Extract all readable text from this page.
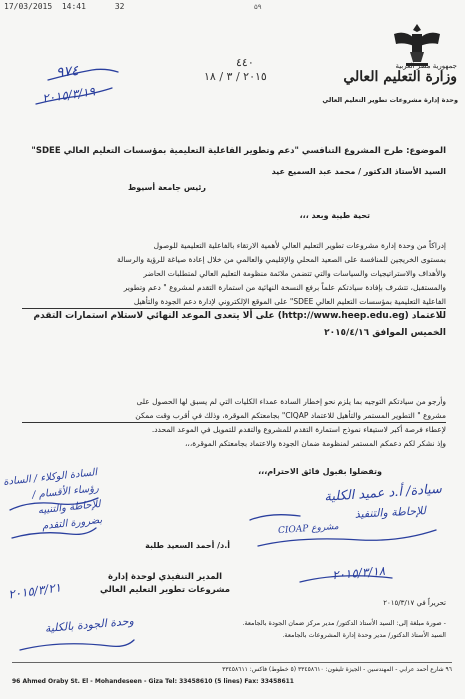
17/03/2015 14:41	32	۵۹
جمهورية مصر العربية
وزارة التعليم العالي
وحدة إدارة مشروعات تطوير التعليم العالي
٤٤٠
٢٠١٥ / ٣ / ١٨
٩٧٤
٢٠١٥/٣/١٩
الموضوع: طرح المشروع التنافسي "دعم وتطوير الفاعلية التعليمية بمؤسسات التعليم العالي SDEE"
السيد الأستاذ الدكتور / محمد عبد السميع عيد
رئيس جامعة أسيوط
تحية طيبة وبعد ،،،
إدراكاً من وحدة إدارة مشروعات تطوير التعليم العالي لأهمية الارتقاء بالفاعلية التعليمية للوصول
بمستوى الخريجين للمنافسة على الصعيد المحلي والإقليمي والعالمي من خلال إعادة صياغة للرؤية والرسالة
والأهداف والاستراتيجيات والسياسات والتي تتضمن ملائمة منظومة التعليم العالي لمتطلبات الحاضر
والمستقبل، تتشرف بإفادة سيادتكم علماً برفع النسخة النهائية من استمارة التقدم لمشروع " دعم وتطوير
الفاعلية التعليمية بمؤسسات التعليم العالي SDEE" على الموقع الإلكتروني لإدارة دعم الجودة والتأهيل
للاعتماد (http://www.heep.edu.eg) على ألا يتعدى الموعد النهائي لاستلام استمارات التقدم
الخميس الموافق ٢٠١٥/٤/١٦
وأرجو من سيادتكم التوجيه بما يلزم نحو إخطار السادة عمداء الكليات التي لم يسبق لها الحصول على
مشروع " التطوير المستمر والتأهيل للاعتماد CIQAP" بجامعتكم الموقرة، وذلك في أقرب وقت ممكن
لإعطاء فرصة أكبر لاستيفاء نموذج استمارة التقدم للمشروع والتقدم للتمويل في الموعد المحدد.
وإذ نشكر لكم دعمكم المستمر لمنظومة ضمان الجودة والاعتماد بجامعتكم الموقرة،،،
وتفضلوا بقبول فائق الاحترام،،،
أ.د/ أحمد السعيد طلبة
المدير التنفيذي لوحدة إدارة
مشروعات تطوير التعليم العالي
تحريراً في ٢٠١٥/٣/١٧
- صورة مبلغة إلى: السيد الأستاذ الدكتور/ مدير مركز ضمان الجودة بالجامعة.
السيد الأستاذ الدكتور/ مدير وحدة إدارة المشروعات بالجامعة.
سيادة/ أ.د عميد الكلية
للإحاطة والتنفيذ
CIOAP مشروع
٢٠١٥/٣/١٨
السادة الوكلاء / السادة رؤساء الأقسام / للإحاطة والتنبيه بضرورة التقدم
٢٠١٥/٣/٢١
وحدة الجودة بالكلية
٩٦ شارع أحمد عرابي - المهندسين - الجيزة تليفون: ٣٣٤٥٨٦١٠ (٥ خطوط) فاكس: ٣٣٤٥٨٦١١
96 Ahmed Oraby St. El - Mohandeseen - Giza Tel: 33458610 (5 lines) Fax: 33458611
